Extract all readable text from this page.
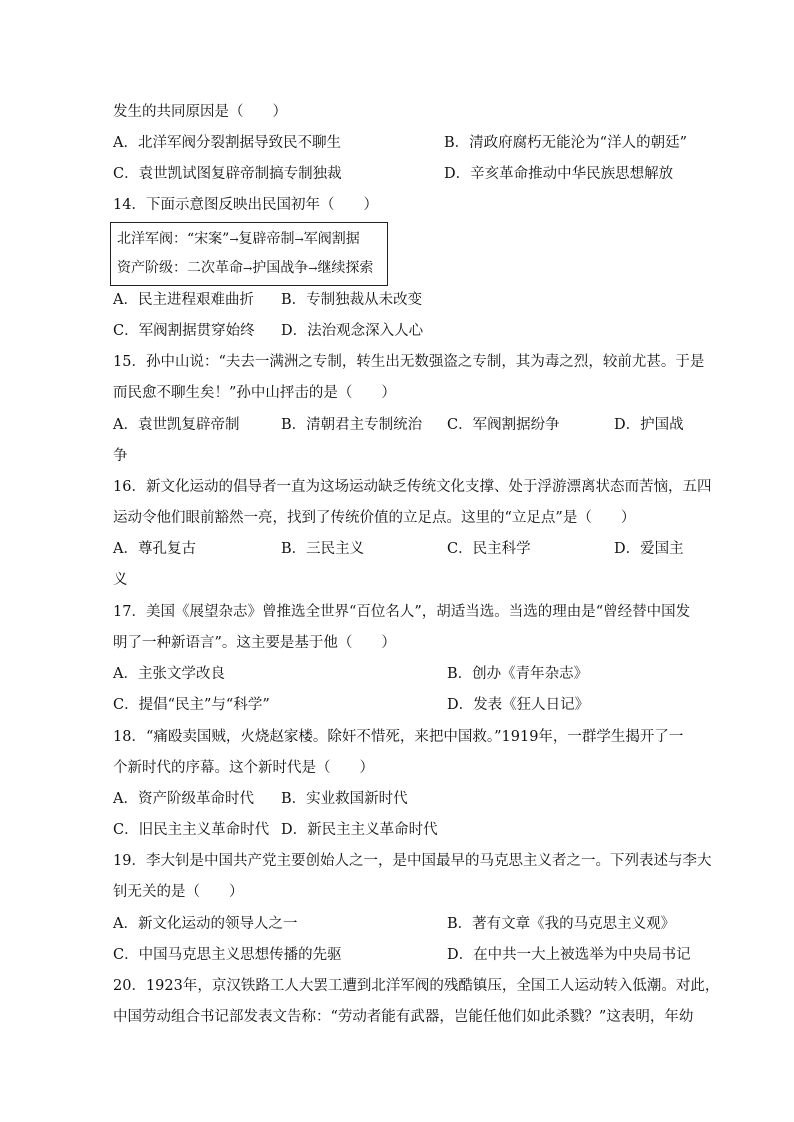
发生的共同原因是（　　）
A．北洋军阀分裂割据导致民不聊生	B．清政府腐朽无能沦为“洋人的朝廷”
C．袁世凯试图复辟帝制搞专制独裁	D．辛亥革命推动中华民族思想解放
14．下面示意图反映出民国初年（　　）
北洋军阀：“宋案”→复辟帝制→军阀割据
资产阶级：二次革命→护国战争→继续探索
A．民主进程艰难曲折 B．专制独裁从未改变
C．军阀割据贯穿始终 D．法治观念深入人心
15．孙中山说：“夫去一满洲之专制，转生出无数强盗之专制，其为毒之烈，较前尤甚。于是
而民愈不聊生矣！”孙中山抨击的是（　　）
A．袁世凯复辟帝制	B．清朝君主专制统治 C．军阀割据纷争	D．护国战
争
16．新文化运动的倡导者一直为这场运动缺乏传统文化支撑、处于浮游漂离状态而苦恼，五四
运动令他们眼前豁然一亮，找到了传统价值的立足点。这里的“立足点”是（　　）
A．尊孔复古	B．三民主义	C．民主科学	D．爱国主
义
17．美国《展望杂志》曾推选全世界“百位名人”，胡适当选。当选的理由是“曾经替中国发
明了一种新语言”。这主要是基于他（　　）
A．主张文学改良	B．创办《青年杂志》
C．提倡“民主”与“科学”	D．发表《狂人日记》
18．“痛殴卖国贼，火烧赵家楼。除奸不惜死，来把中国救。”1919年，一群学生揭开了一
个新时代的序幕。这个新时代是（　　）
A．资产阶级革命时代 B．实业救国新时代
C．旧民主主义革命时代 D．新民主主义革命时代
19．李大钊是中国共产党主要创始人之一，是中国最早的马克思主义者之一。下列表述与李大
钊无关的是（　　）
A．新文化运动的领导人之一	B．著有文章《我的马克思主义观》
C．中国马克思主义思想传播的先驱	D．在中共一大上被选举为中央局书记
20．1923年，京汉铁路工人大罢工遭到北洋军阀的残酷镇压，全国工人运动转入低潮。对此，
中国劳动组合书记部发表文告称：“劳动者能有武器，岂能任他们如此杀戮？”这表明，年幼
